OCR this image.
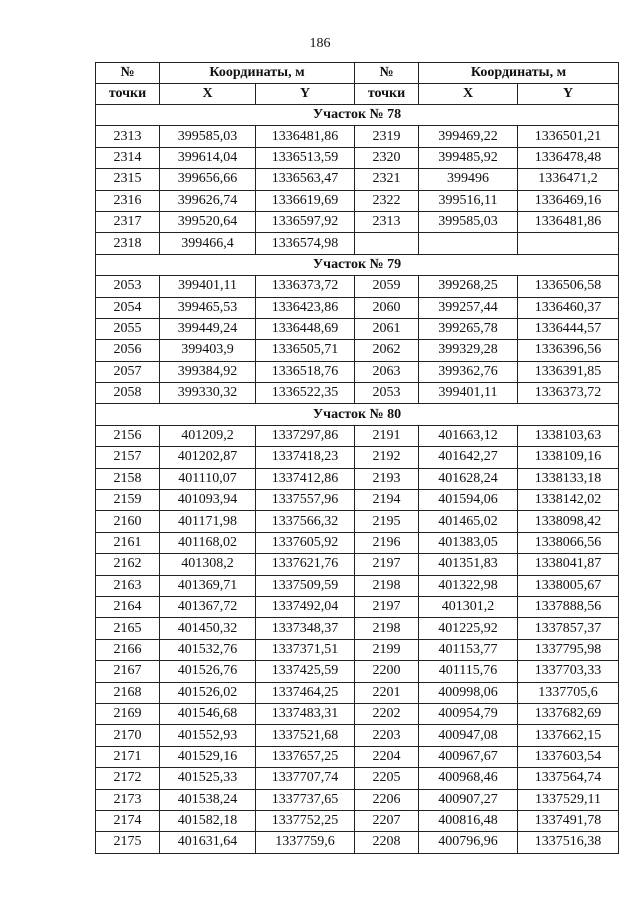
186
№	Координаты, м		№	Координаты, м	
точки	X	Y	точки	X	Y
Участок № 78					
2313	399585,03	1336481,86	2319	399469,22	1336501,21
2314	399614,04	1336513,59	2320	399485,92	1336478,48
2315	399656,66	1336563,47	2321	399496	1336471,2
2316	399626,74	1336619,69	2322	399516,11	1336469,16
2317	399520,64	1336597,92	2313	399585,03	1336481,86
2318	399466,4	1336574,98			
Участок № 79					
2053	399401,11	1336373,72	2059	399268,25	1336506,58
2054	399465,53	1336423,86	2060	399257,44	1336460,37
2055	399449,24	1336448,69	2061	399265,78	1336444,57
2056	399403,9	1336505,71	2062	399329,28	1336396,56
2057	399384,92	1336518,76	2063	399362,76	1336391,85
2058	399330,32	1336522,35	2053	399401,11	1336373,72
Участок № 80					
2156	401209,2	1337297,86	2191	401663,12	1338103,63
2157	401202,87	1337418,23	2192	401642,27	1338109,16
2158	401110,07	1337412,86	2193	401628,24	1338133,18
2159	401093,94	1337557,96	2194	401594,06	1338142,02
2160	401171,98	1337566,32	2195	401465,02	1338098,42
2161	401168,02	1337605,92	2196	401383,05	1338066,56
2162	401308,2	1337621,76	2197	401351,83	1338041,87
2163	401369,71	1337509,59	2198	401322,98	1338005,67
2164	401367,72	1337492,04	2197	401301,2	1337888,56
2165	401450,32	1337348,37	2198	401225,92	1337857,37
2166	401532,76	1337371,51	2199	401153,77	1337795,98
2167	401526,76	1337425,59	2200	401115,76	1337703,33
2168	401526,02	1337464,25	2201	400998,06	1337705,6
2169	401546,68	1337483,31	2202	400954,79	1337682,69
2170	401552,93	1337521,68	2203	400947,08	1337662,15
2171	401529,16	1337657,25	2204	400967,67	1337603,54
2172	401525,33	1337707,74	2205	400968,46	1337564,74
2173	401538,24	1337737,65	2206	400907,27	1337529,11
2174	401582,18	1337752,25	2207	400816,48	1337491,78
2175	401631,64	1337759,6	2208	400796,96	1337516,38
